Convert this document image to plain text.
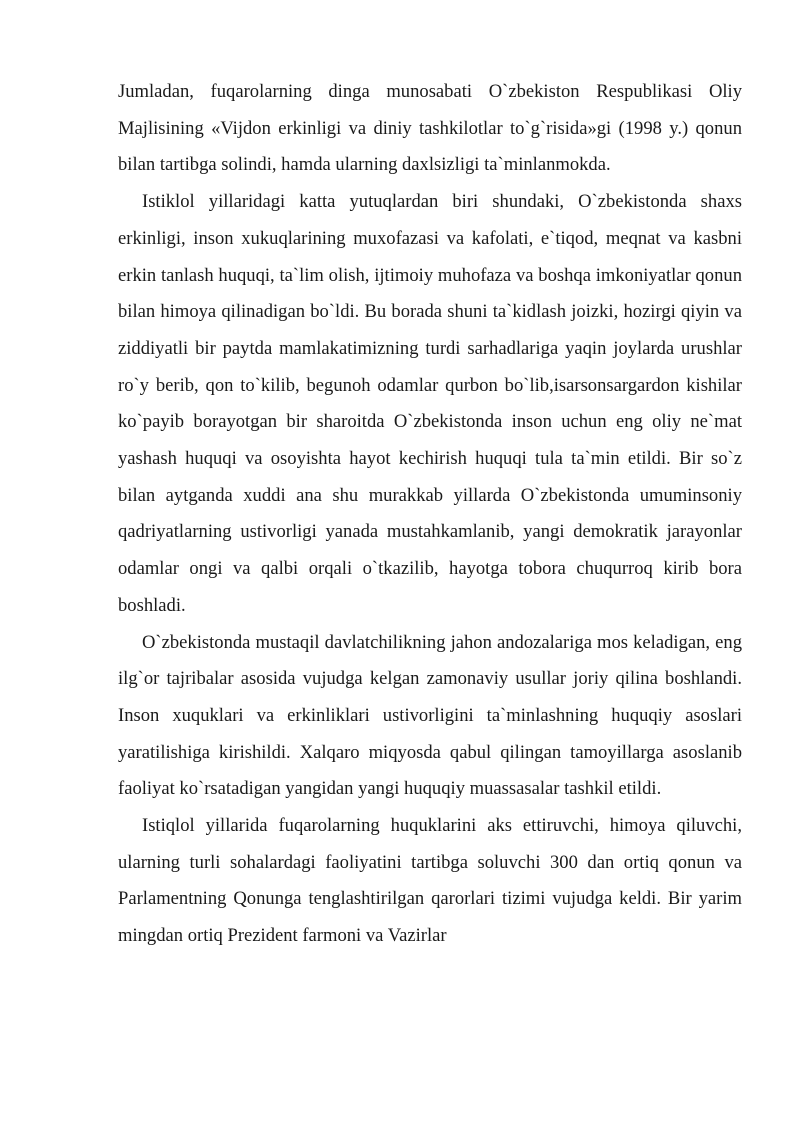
Jumladan, fuqarolarning dinga munosabati O`zbekiston Respublikasi Oliy Majlisining «Vijdon erkinligi va diniy tashkilotlar to`g`risida»gi (1998 y.) qonun bilan tartibga solindi, hamda ularning daxlsizligi ta`minlanmokda.

Istiklol yillaridagi katta yutuqlardan biri shundaki, O`zbekistonda shaxs erkinligi, inson xukuqlarining muxofazasi va kafolati, e`tiqod, meqnat va kasbni erkin tanlash huquqi, ta`lim olish, ijtimoiy muhofaza va boshqa imkoniyatlar qonun bilan himoya qilinadigan bo`ldi. Bu borada shuni ta`kidlash joizki, hozirgi qiyin va ziddiyatli bir paytda mamlakatimizning turdi sarhadlariga yaqin joylarda urushlar ro`y berib, qon to`kilib, begunoh odamlar qurbon bo`lib,isarsonsargardon kishilar ko`payib borayotgan bir sharoitda O`zbekistonda inson uchun eng oliy ne`mat yashash huquqi va osoyishta hayot kechirish huquqi tula ta`min etildi. Bir so`z bilan aytganda xuddi ana shu murakkab yillarda O`zbekistonda umuminsoniy qadriyatlarning ustivorligi yanada mustahkamlanib, yangi demokratik jarayonlar odamlar ongi va qalbi orqali o`tkazilib, hayotga tobora chuqurroq kirib bora boshladi.

O`zbekistonda mustaqil davlatchilikning jahon andozalariga mos keladigan, eng ilg`or tajribalar asosida vujudga kelgan zamonaviy usullar joriy qilina boshlandi. Inson xuquklari va erkinliklari ustivorligini ta`minlashning huquqiy asoslari yaratilishiga kirishildi. Xalqaro miqyosda qabul qilingan tamoyillarga asoslanib faoliyat ko`rsatadigan yangidan yangi huquqiy muassasalar tashkil etildi.

Istiqlol yillarida fuqarolarning huquklarini aks ettiruvchi, himoya qiluvchi, ularning turli sohalardagi faoliyatini tartibga soluvchi 300 dan ortiq qonun va Parlamentning Qonunga tenglashtirilgan qarorlari tizimi vujudga keldi. Bir yarim mingdan ortiq Prezident farmoni va Vazirlar
